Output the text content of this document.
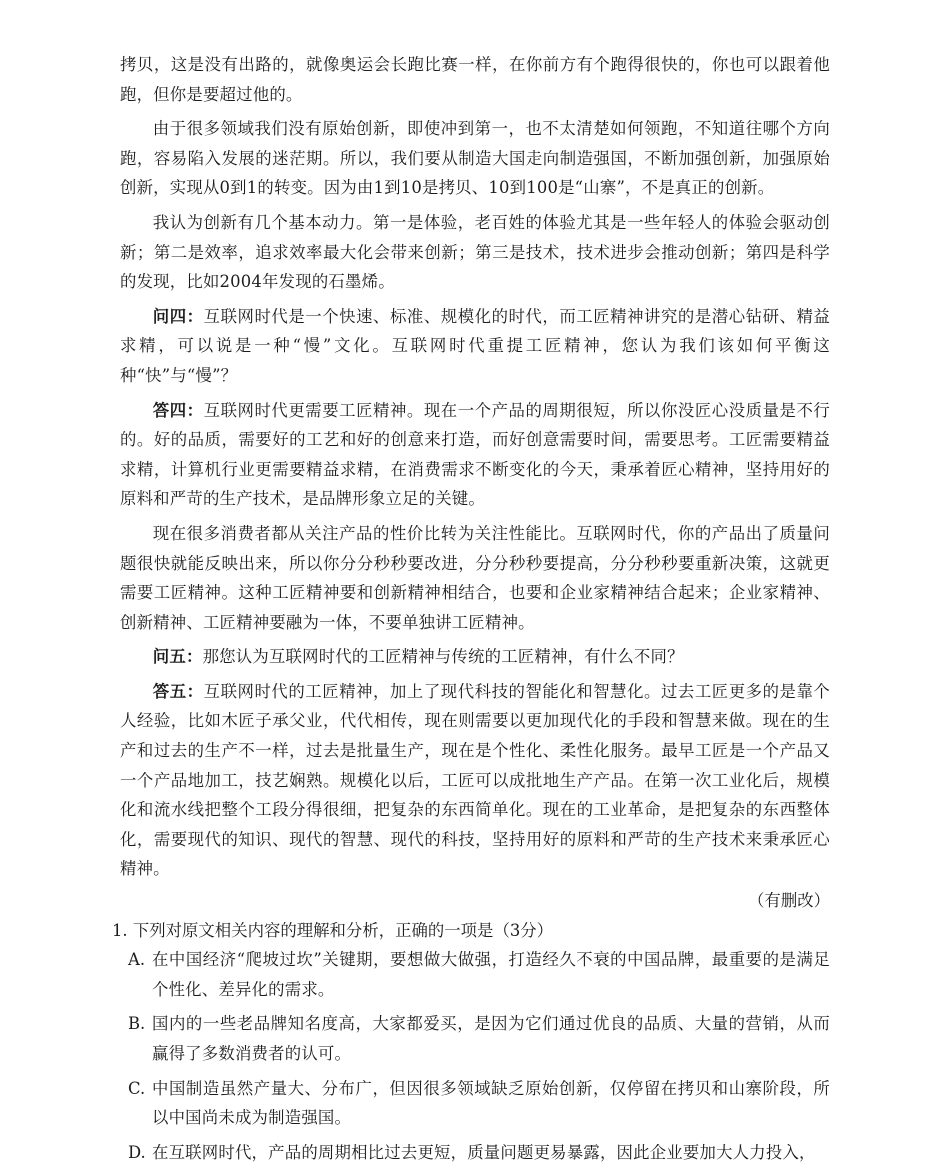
拷贝，这是没有出路的，就像奥运会长跑比赛一样，在你前方有个跑得很快的，你也可以跟着他跑，但你是要超过他的。

由于很多领域我们没有原始创新，即使冲到第一，也不太清楚如何领跑，不知道往哪个方向跑，容易陷入发展的迷茫期。所以，我们要从制造大国走向制造强国，不断加强创新，加强原始创新，实现从0到1的转变。因为由1到10是拷贝、10到100是“山寨”，不是真正的创新。

我认为创新有几个基本动力。第一是体验，老百姓的体验尤其是一些年轻人的体验会驱动创新；第二是效率，追求效率最大化会带来创新；第三是技术，技术进步会推动创新；第四是科学的发现，比如2004年发现的石墨烯。

问四：互联网时代是一个快速、标准、规模化的时代，而工匠精神讲究的是潜心钻研、精益求精，可以说是一种“慢”文化。互联网时代重提工匠精神，您认为我们该如何平衡这种“快”与“慢”？

答四：互联网时代更需要工匠精神。现在一个产品的周期很短，所以你没匠心没质量是不行的。好的品质，需要好的工艺和好的创意来打造，而好创意需要时间，需要思考。工匠需要精益求精，计算机行业更需要精益求精，在消费需求不断变化的今天，秉承着匠心精神，坚持用好的原料和严苛的生产技术，是品牌形象立足的关键。

现在很多消费者都从关注产品的性价比转为关注性能比。互联网时代，你的产品出了质量问题很快就能反映出来，所以你分分秒秒要改进，分分秒秒要提高，分分秒秒要重新决策，这就更需要工匠精神。这种工匠精神要和创新精神相结合，也要和企业家精神结合起来；企业家精神、创新精神、工匠精神要融为一体，不要单独讲工匠精神。

问五：那您认为互联网时代的工匠精神与传统的工匠精神，有什么不同？

答五：互联网时代的工匠精神，加上了现代科技的智能化和智慧化。过去工匠更多的是靠个人经验，比如木匠子承父业，代代相传，现在则需要以更加现代化的手段和智慧来做。现在的生产和过去的生产不一样，过去是批量生产，现在是个性化、柔性化服务。最早工匠是一个产品又一个产品地加工，技艺娴熟。规模化以后，工匠可以成批地生产产品。在第一次工业化后，规模化和流水线把整个工段分得很细，把复杂的东西简单化。现在的工业革命，是把复杂的东西整体化，需要现代的知识、现代的智慧、现代的科技，坚持用好的原料和严苛的生产技术来秉承匠心精神。

（有删改）

1. 下列对原文相关内容的理解和分析，正确的一项是（3分）

A. 在中国经济“爬坡过坎”关键期，要想做大做强，打造经久不衰的中国品牌，最重要的是满足个性化、差异化的需求。
B. 国内的一些老品牌知名度高，大家都爱买，是因为它们通过优良的品质、大量的营销，从而赢得了多数消费者的认可。
C. 中国制造虽然产量大、分布广，但因很多领域缺乏原始创新，仅停留在拷贝和山寨阶段，所以中国尚未成为制造强国。
D. 在互联网时代，产品的周期相比过去更短，质量问题更易暴露，因此企业要加大人力投入，
